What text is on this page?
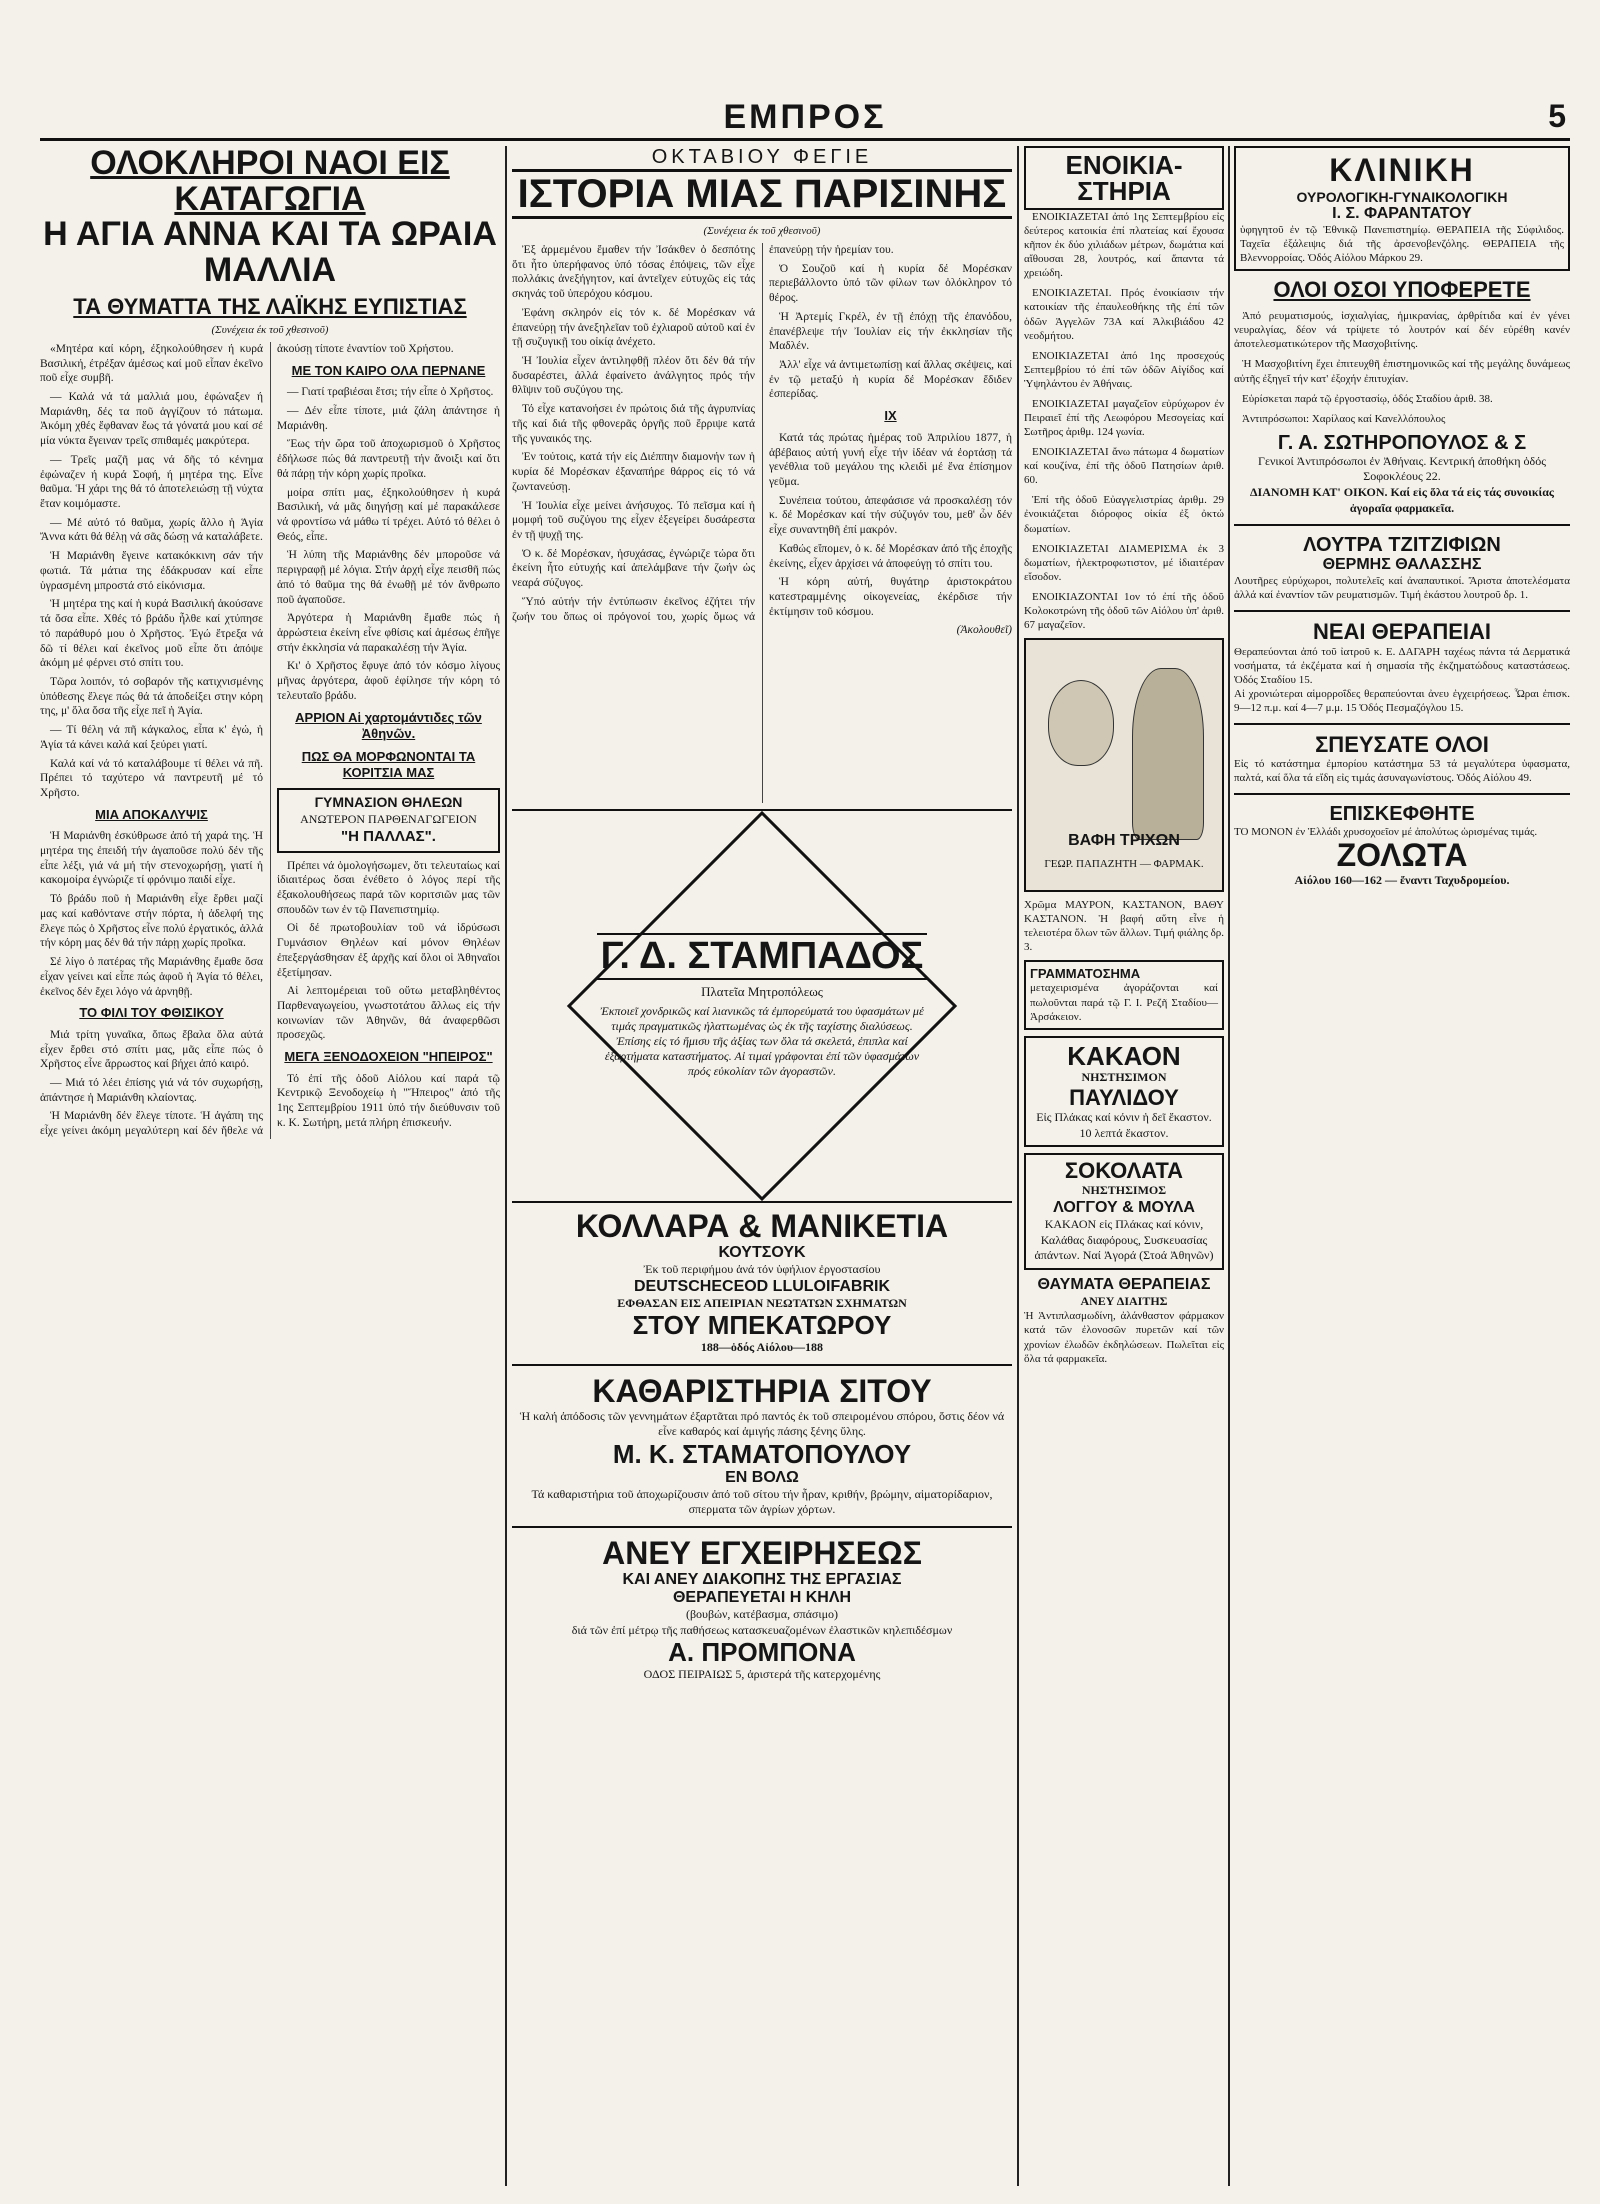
ΕΜΠΡΟΣ	5
ΟΛΟΚΛΗΡΟΙ ΝΑΟΙ ΕΙΣ ΚΑΤΑΓΩΓΙΑ
Η ΑΓΙΑ ΑΝΝΑ ΚΑΙ ΤΑ ΩΡΑΙΑ ΜΑΛΛΙΑ
ΤΑ ΘΥΜΑΤΤΑ ΤΗΣ ΛΑΪΚΗΣ ΕΥΠΙΣΤΙΑΣ
(Συνέχεια έκ τοῦ χθεσινοῦ)

«Μητέρα καί κόρη, έξηκολούθησεν ή κυρά Βασιλική, έτρέξαν άμέσως καί μοῦ εἶπαν ἐκεῖνο ποῦ εἶχε συμβῆ.

— Καλά νά τά μαλλιά μου, ἐφώναξεν ή Μαριάνθη, δές τα ποῦ ἀγγίζουν τό πάτωμα. Ἀκόμη χθές ἔφθαναν ἕως τά γόνατά μου καί σέ μία νύκτα ἔγειναν τρεῖς σπιθαμές μακρύτερα.

— Τρεῖς μαζῆ μας νά δῆς τό κένημα ἐφώναζεν ή κυρά Σοφή, ή μητέρα της. Εἶνε θαῦμα. Ἡ χάρι της θά τό ἀποτελειώσῃ τῇ νύχτα ἕταν κοιμόμαστε.

— Μέ αὐτό τό θαῦμα, χωρίς ἄλλο ἡ Ἁγία Ἄννα κάτι θά θέλῃ νά σᾶς δώσῃ νά καταλάβετε.

Ἡ Μαριάνθη ἔγεινε κατακόκκινη σάν τήν φωτιά. Τά μάτια της ἐδάκρυσαν καί εἶπε ὑγρασμένη μπροστά στό εἰκόνισμα.

Ἡ μητέρα της καί ἡ κυρά Βασιλική ἀκούσανε τά ὅσα εἶπε. Χθές τό βράδυ ἦλθε καί χτύπησε τό παράθυρό μου ὁ Χρῆστος. Ἐγώ ἔτρεξα νά δῶ τί θέλει καί ἐκεῖνος μοῦ εἶπε ὅτι ἀπόψε ἀκόμη μέ φέρνει στό σπίτι του.

Τῶρα λοιπόν, τό σοβαρόν τῆς κατιχνισμένης ὑπόθεσης ἔλεγε πώς θά τά ἀποδείξει στην κόρη της, μ' ὅλα ὅσα τῆς εἶχε πεῖ ἡ Ἁγία.

— Τί θέλη νά πῆ κάγκαλος, εἶπα κ' ἐγώ, ἡ Ἁγία τά κάνει καλά καί ξεύρει γιατί.

Καλά καί νά τό καταλάβουμε τί θέλει νά πῆ. Πρέπει τό ταχύτερο νά παντρευτῆ μέ τό Χρῆστο.

ΜΙΑ ΑΠΟΚΑΛΥΨΙΣ

Ἡ Μαριάνθη ἐσκύθρωσε ἀπό τή χαρά της. Ἡ μητέρα της ἐπειδή τήν ἀγαποῦσε πολύ δέν τῆς εἶπε λέξι, γιά νά μή τήν στενοχωρήσῃ, γιατί ἡ κακομοίρα ἐγνώριζε τί φρόνιμο παιδί εἶχε.

Τό βράδυ ποῦ ἡ Μαριάνθη εἶχε ἔρθει μαζί μας καί καθόντανε στήν πόρτα, ἡ ἀδελφή της ἔλεγε πώς ὁ Χρῆστος εἶνε πολύ ἐργατικός, ἀλλά τήν κόρη μας δέν θά τήν πάρῃ χωρίς προῖκα.

Σέ λίγο ὁ πατέρας τῆς Μαριάνθης ἔμαθε ὅσα εἶχαν γείνει καί εἶπε πώς ἀφοῦ ἡ Ἁγία τό θέλει, ἐκεῖνος δέν ἔχει λόγο νά ἀρνηθῇ.

ΤΟ ΦΙΛΙ ΤΟΥ ΦΘΙΣΙΚΟΥ

Μιά τρίτη γυναῖκα, ὅπως ἔβαλα ὅλα αὐτά εἶχεν ἔρθει στό σπίτι μας, μᾶς εἶπε πώς ὁ Χρῆστος εἶνε ἄρρωστος καί βήχει ἀπό καιρό.

— Μιά τό λέει ἐπίσης γιά νά τόν συχωρήσῃ, ἀπάντησε ἡ Μαριάνθη κλαίοντας.

Ἡ Μαριάνθη δέν ἔλεγε τίποτε. Ἡ ἀγάπη της εἶχε γείνει ἀκόμη μεγαλύτερη καί δέν ἤθελε νά ἀκούσῃ τίποτε ἐναντίον τοῦ Χρήστου.

ΜΕ ΤΟΝ ΚΑΙΡΟ ΟΛΑ ΠΕΡΝΑΝΕ

— Γιατί τραβιέσαι ἔτσι; τήν εἶπε ὁ Χρῆστος.

— Δέν εἶπε τίποτε, μιά ζάλη ἀπάντησε ἡ Μαριάνθη.

Ἕως τήν ὥρα τοῦ ἀποχωρισμοῦ ὁ Χρῆστος ἐδήλωσε πώς θά παντρευτῇ τήν ἄνοιξι καί ὅτι θά πάρῃ τήν κόρη χωρίς προῖκα.

μοίρα σπίτι μας, ἐξηκολούθησεν ἡ κυρά Βασιλική, νά μᾶς διηγήσῃ καί μέ παρακάλεσε νά φροντίσω νά μάθω τί τρέχει. Αὐτό τό θέλει ὁ Θεός, εἶπε.

Ἡ λύπη τῆς Μαριάνθης δέν μποροῦσε νά περιγραφῇ μέ λόγια. Στήν ἀρχή εἶχε πεισθῆ πώς ἀπό τό θαῦμα της θά ἐνωθῇ μέ τόν ἄνθρωπο ποῦ ἀγαποῦσε.

Ἀργότερα ἡ Μαριάνθη ἔμαθε πώς ἡ ἀρρώστεια ἐκείνη εἶνε φθίσις καί ἀμέσως ἐπῆγε στήν ἐκκλησία νά παρακαλέσῃ τήν Ἁγία.

Κι' ὁ Χρῆστος ἔφυγε ἀπό τόν κόσμο λίγους μῆνας ἀργότερα, ἀφοῦ ἐφίλησε τήν κόρη τό τελευταῖο βράδυ.

ΑΡΡΙΟΝ Αἱ χαρτομάντιδες τῶν Ἀθηνῶν.
ΠΩΣ ΘΑ ΜΟΡΦΩΝΟΝΤΑΙ ΤΑ ΚΟΡΙΤΣΙΑ ΜΑΣ
ΓΥΜΝΑΣΙΟΝ ΘΗΛΕΩΝ
ΑΝΩΤΕΡΟΝ ΠΑΡΘΕΝΑΓΩΓΕΙΟΝ
"Η ΠΑΛΛΑΣ".

Πρέπει νά ὁμολογήσωμεν, ὅτι τελευταίως καί ἰδιαιτέρως ὅσαι ἐνέθετο ὁ λόγος περί τῆς ἐξακολουθήσεως παρά τῶν κοριτσιῶν μας τῶν σπουδῶν των ἐν τῷ Πανεπιστημίῳ.

Οἱ δέ πρωτοβουλίαν τοῦ νά ἱδρύσωσι Γυμνάσιον Θηλέων καί μόνον Θηλέων ἐπεξεργάσθησαν ἐξ ἀρχῆς καί ὅλοι οἱ Ἀθηναῖοι ἐξετίμησαν.

Αἱ λεπτομέρειαι τοῦ οὕτω μεταβληθέντος Παρθεναγωγείου, γνωστοτάτου ἄλλως εἰς τήν κοινωνίαν τῶν Ἀθηνῶν, θά ἀναφερθῶσι προσεχῶς.

ΜΕΓΑ ΞΕΝΟΔΟΧΕΙΟΝ "ΗΠΕΙΡΟΣ"

Τό ἐπί τῆς ὁδοῦ Αἰόλου καί παρά τῷ Κεντρικῷ Ξενοδοχείῳ ἡ "Ἤπειρος" ἀπό τῆς 1ης Σεπτεμβρίου 1911 ὑπό τήν διεύθυνσιν τοῦ κ. Κ. Σωτήρη, μετά πλήρη ἐπισκευήν.

ΟΚΤΑΒΙΟΥ ΦΕΓΙΕ
ΙΣΤΟΡΙΑ ΜΙΑΣ ΠΑΡΙΣΙΝΗΣ
(Συνέχεια έκ τοῦ χθεσινοῦ)

Ἐξ ἀρμεμένου ἔμαθεν τήν Ἰσάκθεν ὁ δεσπότης ὅτι ἦτο ὑπερήφανος ὑπό τόσας ἐπόψεις, τῶν εἶχε πολλάκις ἀνεξήγητον, καί ἀντεῖχεν εὐτυχῶς εἰς τάς σκηνάς τοῦ ὑπερόχου κόσμου.

Ἐφάνη σκληρόν εἰς τόν κ. δέ Μορέσκαν νά ἐπανεύρῃ τήν ἀνεξηλεῖαν τοῦ ἐχλιαροῦ αὐτοῦ καί ἐν τῇ συζυγικῇ του οἰκίᾳ ἀνέχετο.

Ἡ Ἰουλία εἶχεν ἀντιληφθῇ πλέον ὅτι δέν θά τήν δυσαρέστει, ἀλλά ἐφαίνετο ἀνάλγητος πρός τήν θλῖψιν τοῦ συζύγου της.

Τό εἶχε κατανοήσει ἐν πρώτοις διά τῆς ἀγρυπνίας τῆς καί διά τῆς φθονερᾶς ὀργῆς ποῦ ἔρριψε κατά τῆς γυναικός της.

Ἐν τούτοις, κατά τήν εἰς Διέππην διαμονήν των ἡ κυρία δέ Μορέσκαν ἐξαναπήρε θάρρος εἰς τό νά ζωντανεύσῃ.

Ἡ Ἰουλία εἶχε μείνει ἀνήσυχος. Τό πεῖσμα καί ἡ μομφή τοῦ συζύγου της εἶχεν ἐξεγείρει δυσάρεστα ἐν τῇ ψυχῇ της.

Ὁ κ. δέ Μορέσκαν, ἡσυχάσας, ἐγνώριζε τώρα ὅτι ἐκείνη ἦτο εὐτυχής καί ἀπελάμβανε τήν ζωήν ὡς νεαρά σύζυγος.

Ὕπό αὐτήν τήν ἐντύπωσιν ἐκεῖνος ἐζήτει τήν ζωήν του ὅπως οἱ πρόγονοί του, χωρίς ὅμως νά ἐπανεύρῃ τήν ἠρεμίαν του.

Ὁ Σουζοῦ καί ἡ κυρία δέ Μορέσκαν περιεβάλλοντο ὑπό τῶν φίλων των ὁλόκληρον τό θέρος.

Ἡ Ἀρτεμίς Γκρέλ, ἐν τῇ ἐπόχῃ τῆς ἐπανόδου, ἐπανέβλεψε τήν Ἰουλίαν εἰς τήν ἐκκλησίαν τῆς Μαδλέν.

Ἀλλ' εἶχε νά ἀντιμετωπίσῃ καί ἄλλας σκέψεις, καί ἐν τῷ μεταξύ ἡ κυρία δέ Μορέσκαν ἔδιδεν ἐσπερίδας.

IX

Κατά τάς πρώτας ἡμέρας τοῦ Ἀπριλίου 1877, ἡ ἀβέβαιος αὐτή γυνή εἶχε τήν ἰδέαν νά ἐορτάσῃ τά γενέθλια τοῦ μεγάλου της κλειδὶ μέ ἕνα ἐπίσημον γεῦμα.

Συνέπεια τούτου, ἀπεφάσισε νά προσκαλέσῃ τόν κ. δέ Μορέσκαν καί τήν σύζυγόν του, μεθ' ὧν δέν εἶχε συναντηθῆ ἐπί μακρόν.

Καθώς εἴπομεν, ὁ κ. δέ Μορέσκαν ἀπό τῆς ἐποχῆς ἐκείνης, εἶχεν ἀρχίσει νά ἀποφεύγῃ τό σπίτι του.

Ἡ κόρη αὐτή, θυγάτηρ ἀριστοκράτου κατεστραμμένης οἰκογενείας, ἐκέρδισε τήν ἐκτίμησιν τοῦ κόσμου.

(Ἀκολουθεῖ)

Γ. Δ. ΣΤΑΜΠΑΔΟΣ
Πλατεῖα Μητροπόλεως
Ἐκποιεῖ χονδρικῶς καί λιανικῶς τά ἐμπορεύματά του ὑφασμάτων μέ τιμάς πραγματικῶς ἠλαττωμένας ὡς ἐκ τῆς ταχίστης διαλύσεως. Ἐπίσης εἰς τό ἥμισυ τῆς ἀξίας των ὅλα τά σκελετά, ἐπιπλα καί ἐξαρτήματα καταστήματος. Αἱ τιμαί γράφονται ἐπί τῶν ὑφασμάτων πρός εὐκολίαν τῶν ἀγοραστῶν.
ΚΟΛΛΑΡΑ & ΜΑΝΙΚΕΤΙΑ
ΚΟΥΤΣΟΥΚ
Ἐκ τοῦ περιφήμου ἀνά τόν ὑφήλιον ἐργοστασίου
DEUTSCHECEOD LLULOIFABRIK
ΕΦΘΑΣΑΝ ΕΙΣ ΑΠΕΙΡΙΑΝ ΝΕΩΤΑΤΩΝ ΣΧΗΜΑΤΩΝ
ΣΤΟΥ ΜΠΕΚΑΤΩΡΟΥ
188—ὁδός Αἰόλου—188
ΚΑΘΑΡΙΣΤΗΡΙΑ ΣΙΤΟΥ
Ἡ καλή ἀπόδοσις τῶν γεννημάτων ἐξαρτᾶται πρό παντός ἐκ τοῦ σπειρομένου σπόρου, ὅστις δέον νά εἶνε καθαρός καί ἀμιγής πάσης ξένης ὕλης.
Μ. Κ. ΣΤΑΜΑΤΟΠΟΥΛΟΥ
ΕΝ ΒΟΛΩ
Τά καθαριστήρια τοῦ ἀποχωρίζουσιν ἀπό τοῦ σίτου τήν ἦραν, κριθήν, βρώμην, αἱματορίδαριον, σπερματα τῶν ἀγρίων χόρτων.
ΑΝΕΥ ΕΓΧΕΙΡΗΣΕΩΣ
ΚΑΙ ΑΝΕΥ ΔΙΑΚΟΠΗΣ ΤΗΣ ΕΡΓΑΣΙΑΣ
ΘΕΡΑΠΕΥΕΤΑΙ Η ΚΗΛΗ
(βουβών, κατέβασμα, σπάσιμο)
διά τῶν ἐπί μέτρῳ τῆς παθήσεως κατασκευαζομένων ἐλαστικῶν κηλεπιδέσμων
Α. ΠΡΟΜΠΟΝΑ
ΟΔΟΣ ΠΕΙΡΑΙΩΣ 5, ἀριστερά τῆς κατερχομένης
ΕΝΟΙΚΙΑ-ΣΤΗΡΙΑ

ΕΝΟΙΚΙΑΖΕΤΑΙ ἀπό 1ης Σεπτεμβρίου εἰς δεύτερος κατοικία ἐπί πλατείας καί ἔχουσα κῆπον ἐκ δύο χιλιάδων μέτρων, δωμάτια καί αἴθουσαι 28, λουτρός, καί ἅπαντα τά χρειώδη.

ΕΝΟΙΚΙΑΖΕΤΑΙ. Πρός ἐνοικίασιν τήν κατοικίαν τῆς ἐπαυλεοθήκης τῆς ἐπί τῶν ὁδῶν Ἀγγελῶν 73Α καί Ἀλκιβιάδου 42 νεοδμήτου.

ΕΝΟΙΚΙΑΖΕΤΑΙ ἀπό 1ης προσεχούς Σεπτεμβρίου τό ἐπί τῶν ὁδῶν Αἰγίδος καί Ὑψηλάντου ἐν Ἀθήναις.

ΕΝΟΙΚΙΑΖΕΤΑΙ μαγαζεῖον εὐρύχωρον ἐν Πειραιεῖ ἐπί τῆς Λεωφόρου Μεσογείας καί Σωτῆρος ἀριθμ. 124 γωνία.

ΕΝΟΙΚΙΑΖΕΤΑΙ ἄνω πάτωμα 4 δωματίων καί κουζίνα, ἐπί τῆς ὁδοῦ Πατησίων ἀριθ. 60.

Ἐπί τῆς ὁδοῦ Εὐαγγελιστρίας ἀριθμ. 29 ἐνοικιάζεται διόροφος οἰκία ἐξ ὀκτώ δωματίων.

ΕΝΟΙΚΙΑΖΕΤΑΙ ΔΙΑΜΕΡΙΣΜΑ ἐκ 3 δωματίων, ἠλεκτροφωτιστον, μέ ἰδιαιτέραν εἴσοδον.

ΕΝΟΙΚΙΑΖΟΝΤΑΙ 1ον τό ἐπί τῆς ὁδοῦ Κολοκοτρώνη τῆς ὁδοῦ τῶν Αἰόλου ὑπ' ἀριθ. 67 μαγαζεῖον.

ΒΑΦΗ ΤΡΙΧΩΝ
ΓΕΩΡ. ΠΑΠΑΖΗΤΗ — ΦΑΡΜΑΚ.
Χρῶμα ΜΑΥΡΟΝ, ΚΑΣΤΑΝΟΝ, ΒΑΘΥ ΚΑΣΤΑΝΟΝ. Ἡ βαφή αὕτη εἶνε ἡ τελειοτέρα ὅλων τῶν ἄλλων. Τιμή φιάλης δρ. 3.
ΓΡΑΜΜΑΤΟΣΗΜΑ
μεταχειρισμένα ἀγοράζονται καί πωλοῦνται παρά τῷ Γ. Ι. Ρεζῆ Σταδίου—Ἀρσάκειον.
ΚΑΚΑΟΝ
ΝΗΣΤΗΣΙΜΟΝ
ΠΑΥΛΙΔΟΥ
Εἰς Πλάκας καί κόνιν ἡ δεῖ ἕκαστον. 10 λεπτά ἕκαστον.
ΣΟΚΟΛΑΤΑ
ΝΗΣΤΗΣΙΜΟΣ
ΛΟΓΓΟΥ & ΜΟΥΛΑ
ΚΑΚΑΟΝ εἰς Πλάκας καί κόνιν, Καλάθας διαφόρους, Συσκευασίας ἀπάντων. Ναί Ἀγορά (Στοά Ἀθηνῶν)
ΘΑΥΜΑΤΑ ΘΕΡΑΠΕΙΑΣ
ΑΝΕΥ ΔΙΑΙΤΗΣ
Ἡ Ἀντιπλασμωδίνη, ἀλάνθαστον φάρμακον κατά τῶν ἐλονοσῶν πυρετῶν καί τῶν χρονίων ἐλωδῶν ἐκδηλώσεων. Πωλεῖται εἰς ὅλα τά φαρμακεῖα.
ΚΛΙΝΙΚΗ
ΟΥΡΟΛΟΓΙΚΗ-ΓΥΝΑΙΚΟΛΟΓΙΚΗ
Ι. Σ. ΦΑΡΑΝΤΑΤΟΥ
ὑφηγητοῦ ἐν τῷ Ἐθνικῷ Πανεπιστημίῳ. ΘΕΡΑΠΕΙΑ τῆς Σύφιλιδος. Ταχεῖα ἐξάλειψις διά τῆς ἀρσενοβενζόλης. ΘΕΡΑΠΕΙΑ τῆς Βλεννορροίας. Ὁδός Αἰόλου Μάρκου 29.
ΟΛΟΙ ΟΣΟΙ ΥΠΟΦΕΡΕΤΕ

Ἀπό ρευματισμούς, ἰσχιαλγίας, ἡμικρανίας, ἀρθρίτιδα καί ἐν γένει νευραλγίας, δέον νά τρίψετε τό λουτρόν καί δέν εὐρέθη κανέν ἀποτελεσματικώτερον τῆς Μασχοβιτίνης.

Ἡ Μασχοβιτίνη ἔχει ἐπιτευχθῆ ἐπιστημονικῶς καί τῆς μεγάλης δυνάμεως αὐτῆς ἐξηγεῖ τήν κατ' ἐξοχήν ἐπιτυχίαν.

Εὑρίσκεται παρά τῷ ἐργοστασίῳ, ὁδός Σταδίου ἀριθ. 38.

Ἀντιπρόσωποι: Χαρίλαος καί Κανελλόπουλος

Γ. Α. ΣΩΤΗΡΟΠΟΥΛΟΣ & Σ
Γενικοί Ἀντιπρόσωποι ἐν Ἀθήναις. Κεντρική ἀποθήκη ὁδός Σοφοκλέους 22.
ΔΙΑΝΟΜΗ ΚΑΤ' ΟΙΚΟΝ. Καί εἰς ὅλα τά εἰς τάς συνοικίας ἀγοραῖα φαρμακεῖα.
ΛΟΥΤΡΑ ΤΖΙΤΖΙΦΙΩΝ
ΘΕΡΜΗΣ ΘΑΛΑΣΣΗΣ
Λουτῆρες εὐρύχωροι, πολυτελεῖς καί ἀναπαυτικοί. Ἄριστα ἀποτελέσματα ἀλλά καί ἐναντίον τῶν ρευματισμῶν. Τιμή ἑκάστου λουτροῦ δρ. 1.
ΝΕΑΙ ΘΕΡΑΠΕΙΑΙ
Θεραπεύονται ἀπό τοῦ ἰατροῦ κ. Ε. ΔΑΓΑΡΗ ταχέως πάντα τά Δερματικά νοσήματα, τά ἐκζέματα καί ἡ σημασία τῆς ἐκζηματώδους καταστάσεως. Ὁδός Σταδίου 15.
Αἱ χρονιώτεραι αἱμορροΐδες θεραπεύονται ἀνευ ἐγχειρήσεως. Ὧραι ἐπισκ. 9—12 π.μ. καί 4—7 μ.μ. 15 Ὁδός Πεσμαζόγλου 15.
ΣΠΕΥΣΑΤΕ ΟΛΟΙ
Εἰς τό κατάστημα ἐμπορίου κατάστημα 53 τά μεγαλύτερα ὑφασματα, παλτά, καί ὅλα τά εἴδη εἰς τιμάς ἀσυναγωνίστους. Ὁδός Αἰόλου 49.
ΕΠΙΣΚΕΦΘΗΤΕ
ΤΟ ΜΟΝΟΝ ἐν Ἑλλάδι χρυσοχοεῖον μέ ἀπολύτως ὡρισμένας τιμάς.
ΖΟΛΩΤΑ
Αἰόλου 160—162 — ἔναντι Ταχυδρομείου.
